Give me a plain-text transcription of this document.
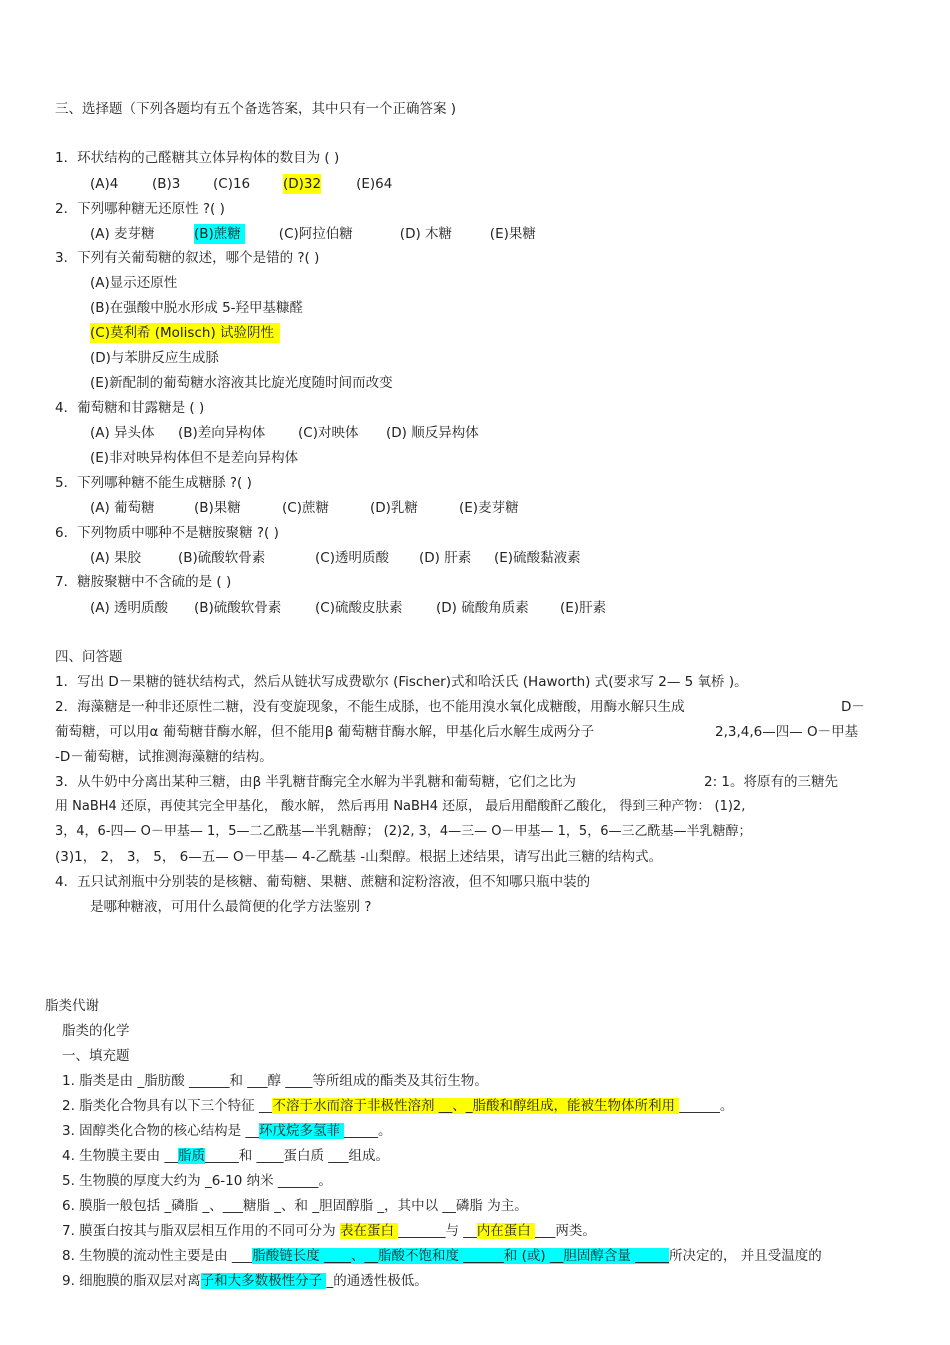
三、选择题（下列各题均有五个备选答案，其中只有一个正确答案 )
1．环状结构的己醛糖其立体异构体的数目为 ( )
(A)4 (B)3 (C)16 (D)32	(E)64
2．下列哪种糖无还原性 ?( )
(A) 麦芽糖	(B)蔗糖	(C)阿拉伯糖	(D) 木糖	(E)果糖
3．下列有关葡萄糖的叙述，哪个是错的 ?( )
(A)显示还原性
(B)在强酸中脱水形成 5-羟甲基糠醛
(C)莫利希 (Molisch) 试验阴性
(D)与苯肼反应生成脎
(E)新配制的葡萄糖水溶液其比旋光度随时间而改变
4．葡萄糖和甘露糖是 ( )
(A) 异头体 (B)差向异构体 (C)对映体 (D) 顺反异构体
(E)非对映异构体但不是差向异构体
5．下列哪种糖不能生成糖脎 ?( )
(A) 葡萄糖	(B)果糖	(C)蔗糖	(D)乳糖	(E)麦芽糖
6．下列物质中哪种不是糖胺聚糖 ?( )
(A) 果胶	(B)硫酸软骨素	(C)透明质酸 (D) 肝素 (E)硫酸黏液素
7．糖胺聚糖中不含硫的是 ( )
(A) 透明质酸 (B)硫酸软骨素 (C)硫酸皮肤素 (D) 硫酸角质素 (E)肝素
四、问答题
1．写出 D－果糖的链状结构式，然后从链状写成费歇尔 (Fischer)式和哈沃氏 (Haworth) 式(要求写 2— 5 氧桥 )。
2．海藻糖是一种非还原性二糖，没有变旋现象，不能生成脎，也不能用溴水氧化成糖酸，用酶水解只生成	D－
葡萄糖，可以用α 葡萄糖苷酶水解，但不能用β 葡萄糖苷酶水解，甲基化后水解生成两分子	2,3,4,6—四— O－甲基
-D－葡萄糖，试推测海藻糖的结构。
3．从牛奶中分离出某种三糖，由β 半乳糖苷酶完全水解为半乳糖和葡萄糖，它们之比为	2: 1。将原有的三糖先
用 NaBH4 还原，再使其完全甲基化， 酸水解， 然后再用 NaBH4 还原， 最后用醋酸酐乙酸化， 得到三种产物： (1)2,
3，4，6-四— O－甲基— 1，5—二乙酰基—半乳糖醇； (2)2, 3，4—三— O－甲基— 1，5，6—三乙酰基—半乳糖醇；
(3)1， 2， 3， 5， 6—五— O－甲基— 4-乙酰基 -山梨醇。根据上述结果，请写出此三糖的结构式。
4．五只试剂瓶中分别装的是核糖、葡萄糖、果糖、蔗糖和淀粉溶液，但不知哪只瓶中装的
是哪种糖液，可用什么最简便的化学方法鉴别 ?
脂类代谢
脂类的化学
一、填充题
1. 脂类是由 _脂肪酸 ______和 ___醇 ____等所组成的酯类及其衍生物。
2. 脂类化合物具有以下三个特征 __不溶于水而溶于非极性溶剂 __、_脂酸和醇组成，能被生物体所利用 ______。
3. 固醇类化合物的核心结构是 __环戊烷多氢菲 _____。
4. 生物膜主要由 __脂质_____和 ____蛋白质 ___组成。
5. 生物膜的厚度大约为 _6-10 纳米 ______。
6. 膜脂一般包括 _磷脂 _、___糖脂 _、和 _胆固醇脂 _，其中以 __磷脂 为主。
7. 膜蛋白按其与脂双层相互作用的不同可分为 表在蛋白 _______与 __内在蛋白 ___两类。
8. 生物膜的流动性主要是由 ___脂酸链长度 ____、__脂酸不饱和度 ______和 (或) __胆固醇含量 _____所决定的， 并且受温度的
9. 细胞膜的脂双层对离子和大多数极性分子 _的通透性极低。
